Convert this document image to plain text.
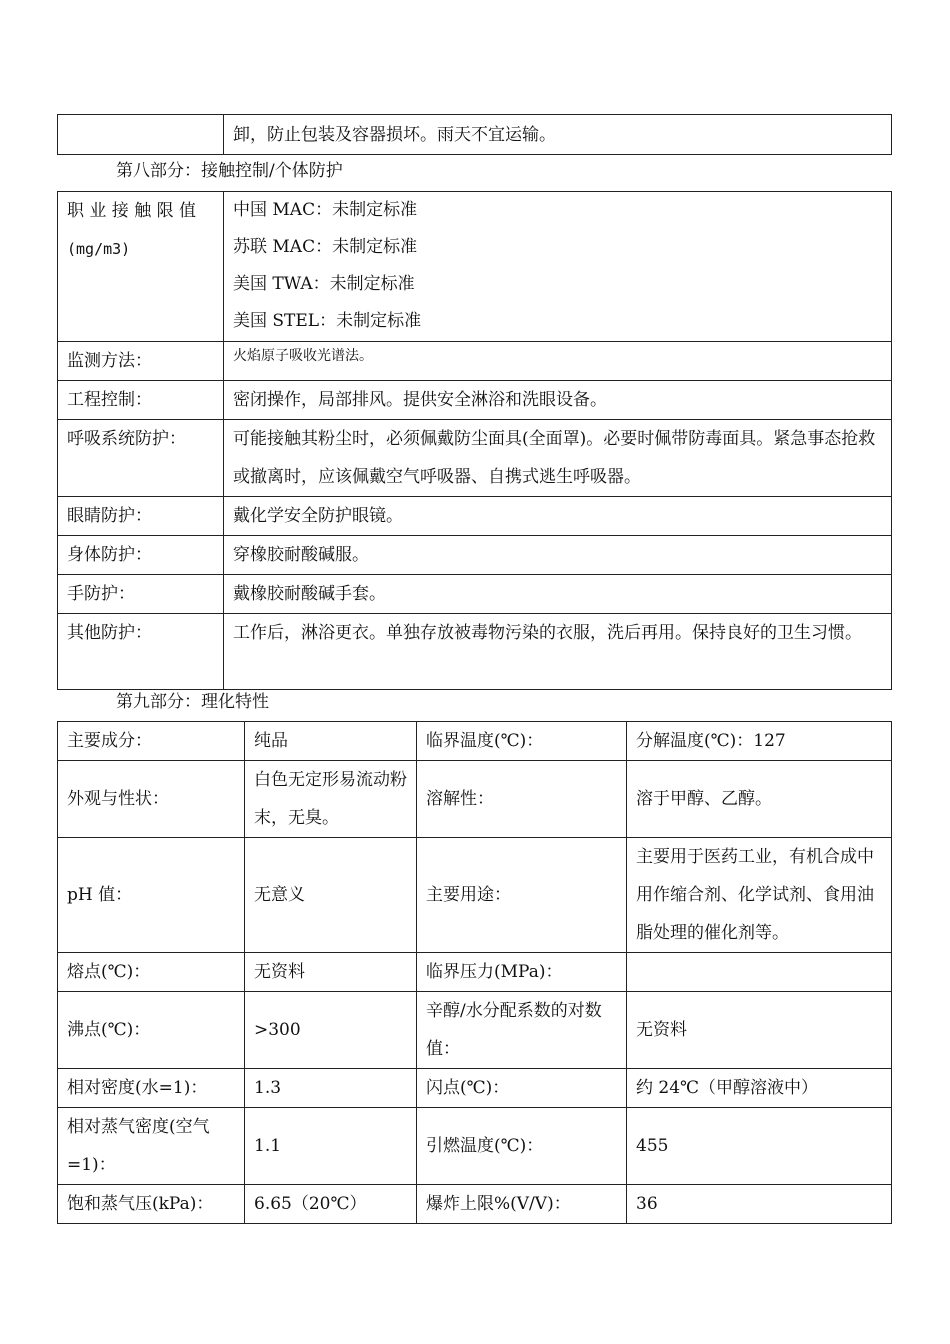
	卸，防止包装及容器损坏。雨天不宜运输。
第八部分：接触控制/个体防护
职 业 接 触 限 值
(mg/m3)	中国 MAC：未制定标准
苏联 MAC：未制定标准
美国 TWA：未制定标准
美国 STEL：未制定标准

监测方法：	火焰原子吸收光谱法。
工程控制：	密闭操作，局部排风。提供安全淋浴和洗眼设备。
呼吸系统防护：	可能接触其粉尘时，必须佩戴防尘面具(全面罩)。必要时佩带防毒面具。紧急事态抢救或撤离时，应该佩戴空气呼吸器、自携式逃生呼吸器。
眼睛防护：	戴化学安全防护眼镜。
身体防护：	穿橡胶耐酸碱服。
手防护：	戴橡胶耐酸碱手套。
其他防护：	工作后，淋浴更衣。单独存放被毒物污染的衣服，洗后再用。保持良好的卫生习惯。
第九部分：理化特性
主要成分：	纯品	临界温度(℃)：	分解温度(℃)：127
外观与性状：	白色无定形易流动粉末，无臭。	溶解性：	溶于甲醇、乙醇。
pH 值：	无意义	主要用途：	主要用于医药工业，有机合成中用作缩合剂、化学试剂、食用油脂处理的催化剂等。
熔点(℃)：	无资料	临界压力(MPa)：	
沸点(℃)：	>300	辛醇/水分配系数的对数值：	无资料
相对密度(水=1)：	1.3	闪点(℃)：	约 24℃（甲醇溶液中）
相对蒸气密度(空气=1)：	1.1	引燃温度(℃)：	455
饱和蒸气压(kPa)：	6.65（20℃）	爆炸上限%(V/V)：	36
